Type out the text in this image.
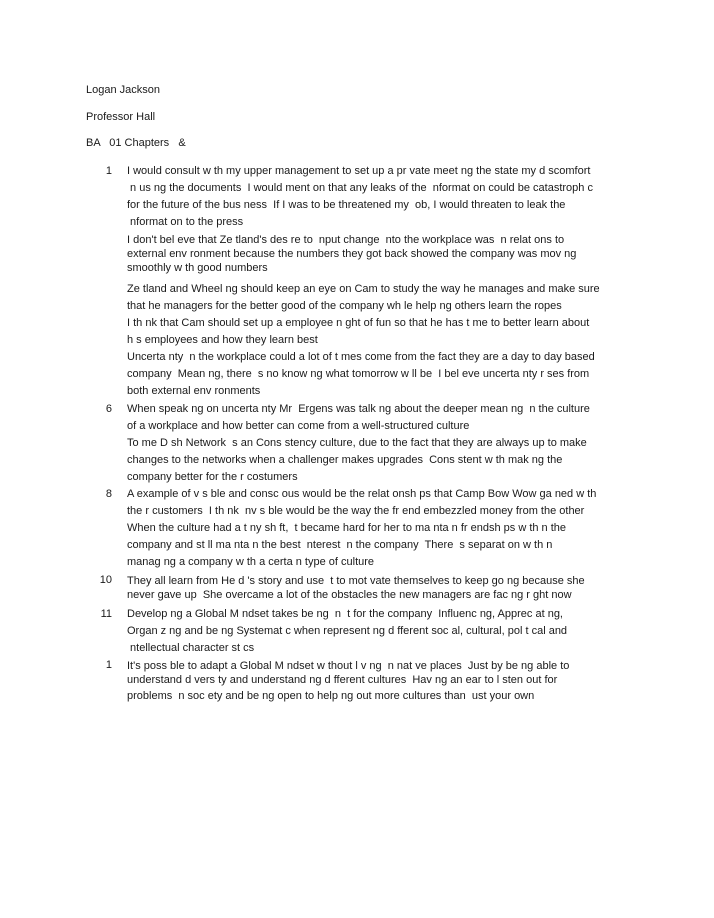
Logan Jackson
Professor Hall
BA   01 Chapters   &
1 I would consult w th my upper management to set up a pr vate meet ng the state my d scomfort
n us ng the documents  I would ment on that any leaks of the  nformat on could be catastroph c
for the future of the bus ness  If I was to be threatened my  ob, I would threaten to leak the
nformat on to the press
I don't bel eve that Ze tland's des re to  nput change  nto the workplace was  n relat ons to
external env ronment because the numbers they got back showed the company was mov ng
smoothly w th good numbers
Ze tland and Wheel ng should keep an eye on Cam to study the way he manages and make sure
that he managers for the better good of the company wh le help ng others learn the ropes
I th nk that Cam should set up a employee n ght of fun so that he has t me to better learn about
h s employees and how they learn best
Uncerta nty  n the workplace could a lot of t mes come from the fact they are a day to day based
company  Mean ng, there  s no know ng what tomorrow w ll be  I bel eve uncerta nty r ses from
both external env ronments
6 When speak ng on uncerta nty Mr  Ergens was talk ng about the deeper mean ng  n the culture
of a workplace and how better can come from a well-structured culture
To me D sh Network  s an Cons stency culture, due to the fact that they are always up to make
changes to the networks when a challenger makes upgrades  Cons stent w th mak ng the
company better for the r costumers
8 A example of v s ble and consc ous would be the relat onsh ps that Camp Bow Wow ga ned w th
the r customers  I th nk  nv s ble would be the way the fr end embezzled money from the other
When the culture had a t ny sh ft,  t became hard for her to ma nta n fr endsh ps w th n the
company and st ll ma nta n the best  nterest  n the company  There  s separat on w th n
manag ng a company w th a certa n type of culture
10 They all learn from He d 's story and use  t to mot vate themselves to keep go ng because she
never gave up  She overcame a lot of the obstacles the new managers are fac ng r ght now
11 Develop ng a Global M ndset takes be ng  n  t for the company  Influenc ng, Apprec at ng,
Organ z ng and be ng Systemat c when represent ng d fferent soc al, cultural, pol t cal and
ntellectual character st cs
1 It's poss ble to adapt a Global M ndset w thout l v ng  n nat ve places  Just by be ng able to
understand d vers ty and understand ng d fferent cultures  Hav ng an ear to l sten out for
problems  n soc ety and be ng open to help ng out more cultures than  ust your own
